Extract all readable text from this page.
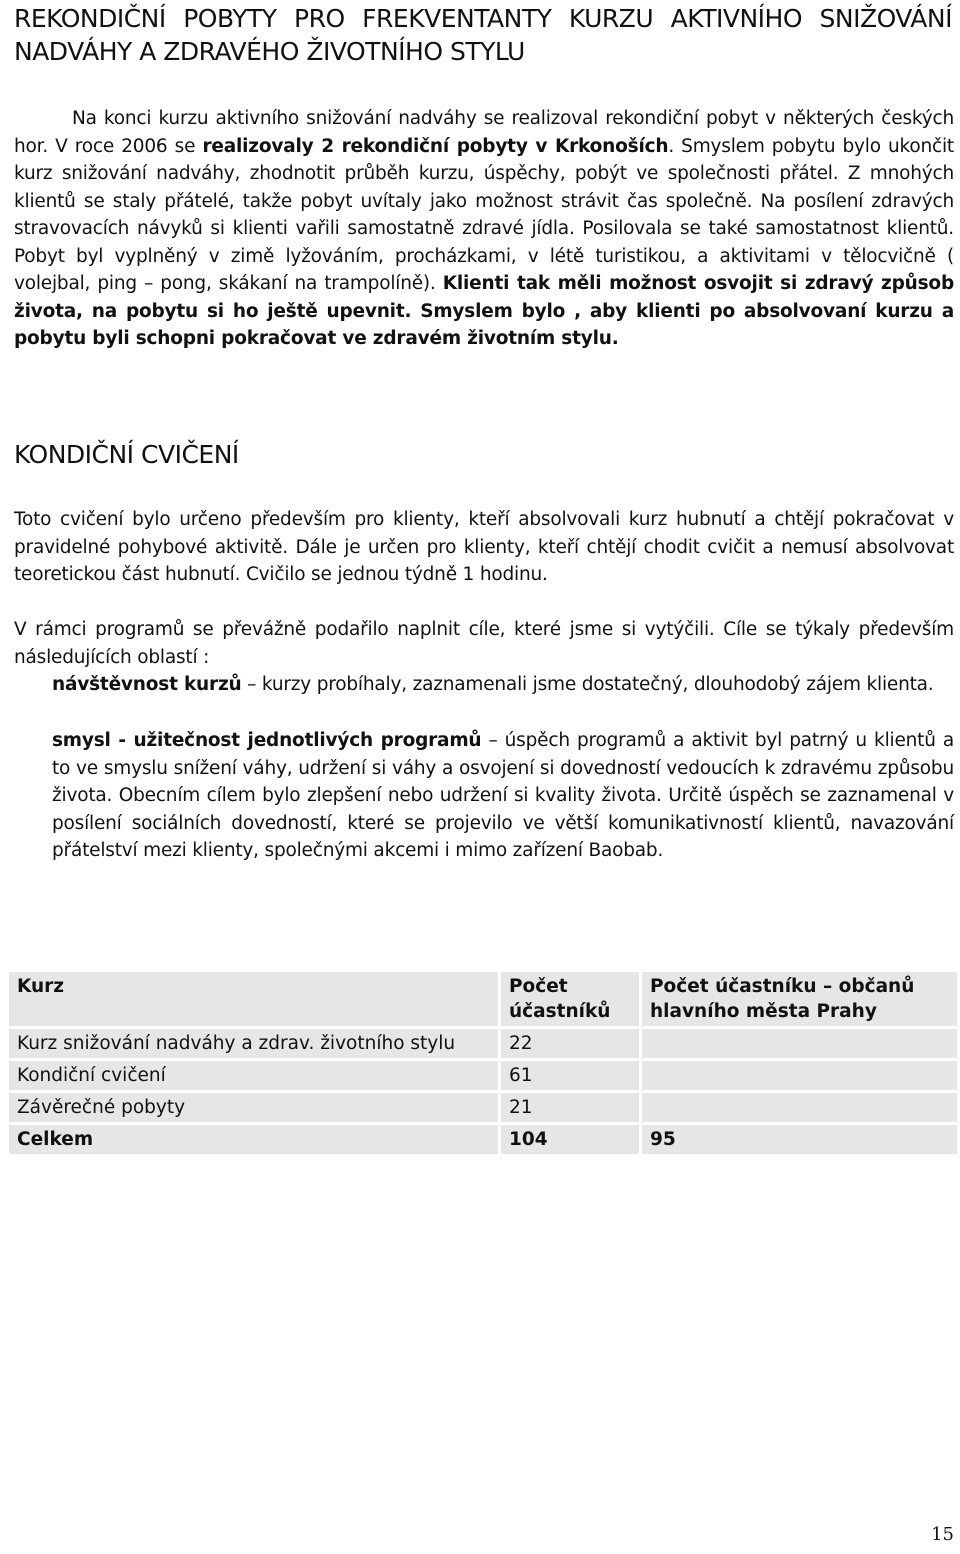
REKONDIČNÍ POBYTY PRO FREKVENTANTY KURZU AKTIVNÍHO SNIŽOVÁNÍ NADVÁHY A ZDRAVÉHO ŽIVOTNÍHO STYLU

Na konci kurzu aktivního snižování nadváhy se realizoval rekondiční pobyt v některých českých hor. V roce 2006 se realizovaly 2 rekondiční pobyty v Krkonoších. Smyslem pobytu bylo ukončit kurz snižování nadváhy, zhodnotit průběh kurzu, úspěchy, pobýt ve společnosti přátel. Z mnohých klientů se staly přátelé, takže pobyt uvítaly jako možnost strávit čas společně. Na posílení zdravých stravovacích návyků si klienti vařili samostatně zdravé jídla. Posilovala se také samostatnost klientů. Pobyt byl vyplněný v zimě lyžováním, procházkami, v létě turistikou, a aktivitami v tělocvičně ( volejbal, ping – pong, skákaní na trampolíně). Klienti tak měli možnost osvojit si zdravý způsob života, na pobytu si ho ještě upevnit. Smyslem bylo , aby klienti po absolvovaní kurzu a pobytu byli schopni pokračovat ve zdravém životním stylu.

KONDIČNÍ CVIČENÍ

Toto cvičení bylo určeno především pro klienty, kteří absolvovali kurz hubnutí a chtějí pokračovat v pravidelné pohybové aktivitě. Dále je určen pro klienty, kteří chtějí chodit cvičit a nemusí absolvovat teoretickou část hubnutí. Cvičilo se jednou týdně 1 hodinu.

V rámci programů se převážně podařilo naplnit cíle, které jsme si vytýčili. Cíle se týkaly především následujících oblastí :

návštěvnost kurzů – kurzy probíhaly, zaznamenali jsme dostatečný, dlouhodobý zájem klienta.

smysl - užitečnost jednotlivých programů – úspěch programů a aktivit byl patrný u klientů a to ve smyslu snížení váhy, udržení si váhy a osvojení si dovedností vedoucích k zdravému způsobu života. Obecním cílem bylo zlepšení nebo udržení si kvality života. Určitě úspěch se zaznamenal v posílení sociálních dovedností, které se projevilo ve větší komunikativností klientů, navazování přátelství mezi klienty, společnými akcemi i mimo zařízení Baobab.

Kurz	Počet účastníků	Počet účastníku – občanů hlavního města Prahy
Kurz snižování nadváhy a zdrav. životního stylu	22	
Kondiční cvičení	61	
Závěrečné pobyty	21	
Celkem	104	95
15
